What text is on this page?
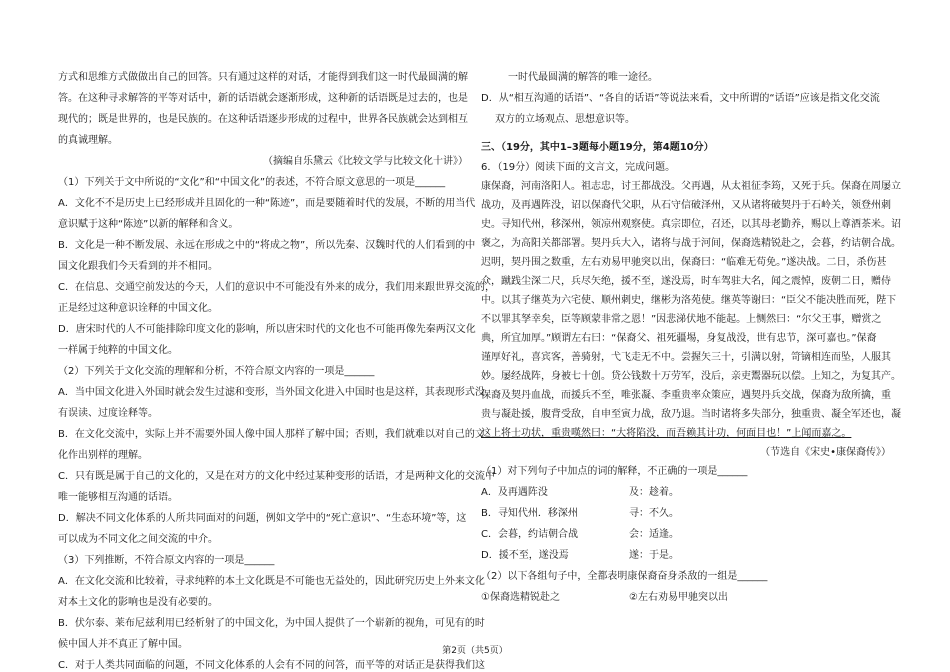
方式和思维方式做做出自己的回答。只有通过这样的对话，才能得到我们这一时代最圆满的解
答。在这种寻求解答的平等对话中，新的话语就会逐渐形成，这种新的话语既是过去的，也是
现代的；既是世界的，也是民族的。在这种话语逐步形成的过程中，世界各民族就会达到相互
的真诚理解。
（摘编自乐黛云《比较文学与比较文化十讲》）
（1）下列关于文中所说的“文化”和“中国文化”的表述，不符合原文意思的一项是______
A．文化不不是历史上已经形成并且固化的一种“陈迹”，而是要随着时代的发展，不断的用当代
意识赋于这种“陈迹”以新的解释和含义。
B．文化是一种不断发展、永远在形成之中的“将成之物”，所以先秦、汉魏时代的人们看到的中
国文化跟我们今天看到的并不相同。
C．在信息、交通空前发达的今天，人们的意识中不可能没有外来的成分，我们用来跟世界交流的，
正是经过这种意识诠释的中国文化。
D．唐宋时代的人不可能排除印度文化的影响，所以唐宋时代的文化也不可能再像先秦两汉文化
一样属于纯粹的中国文化。
（2）下列关于文化交流的理解和分析，不符合原文内容的一项是______
A．当中国文化进入外国时就会发生过滤和变形，当外国文化进入中国时也是这样，其表现形式没
有误读、过度诠释等。
B．在文化交流中，实际上并不需要外国人像中国人那样了解中国；否则，我们就难以对自己的文
化作出别样的理解。
C．只有既是属于自己的文化的，又是在对方的文化中经过某种变形的话语，才是两种文化的交流中
唯一能够相互沟通的话语。
D．解决不同文化体系的人所共同面对的问题，例如文学中的“死亡意识”、“生态环境”等，这
可以成为不同文化之间交流的中介。
（3）下列推断，不符合原文内容的一项是______
A．在文化交流和比较着，寻求纯粹的本土文化既是不可能也无益处的，因此研究历史上外来文化
对本土文化的影响也是没有必要的。
B．伏尔泰、莱布尼兹利用已经析射了的中国文化，为中国人提供了一个崭新的视角，可见有的时
候中国人并不真正了解中国。
C．对于人类共同面临的问题，不同文化体系的人会有不同的问答，而平等的对话正是获得我们这
一时代最圆满的解答的唯一途径。
D．从“相互沟通的话语”、“各自的话语”等说法来看，文中所谓的“话语”应该是指文化交流
双方的立场观点、思想意识等。
三、（19分，其中1–3题每小题19分，第4题10分）
6．（19分）阅读下面的文言文，完成问题。
康保裔，河南洛阳人。祖志忠，讨王都战没。父再遇，从太祖征李筠，又死于兵。保裔在周屡立
战功，及再遇阵没，诏以保裔代父职，从石守信破泽州，又从诸将破契丹于石岭关，领登州刺
史。寻知代州，移深州，领凉州观察使。真宗即位，召还，以其母老勤养，赐以上尊酒茶米。诏
褒之，为高阳关都部署。契丹兵大入，诸将与战于河间，保裔选精锐赴之，会暮，约诘朝合战。
迟明，契丹围之数重，左右劝易甲驰突以出，保裔曰：“临难无苟免。”遂决战。二日，杀伤甚
众，蹴践尘深二尺，兵尽矢绝，援不至，遂没焉，时车驾驻大名，闻之震悼，废朝二日，赠侍
中。以其子继英为六宅使、顺州刺史，继彬为洛苑使。继英等谢曰：“臣父不能决胜而死，陛下
不以罪其孥幸矣，臣等顾蒙非常之恩！”因悲涕伏地不能起。上恻然曰：“尔父王事，赠赏之
典，所宜加厚。”顾谓左右曰：“保裔父、祖死疆埸，身复战没，世有忠节，深可嘉也。”保裔
谨厚好礼，喜宾客，善骑射，弋飞走无不中。尝握矢三十，引满以射，笴镝相连而坠，人服其
妙。屡经战阵，身被七十创。贷公钱数十万劳军，没后，亲吏鬻器玩以偿。上知之，为复其产。
保裔及契丹血战，而援兵不至，唯张凝、李重贵率众策应，遇契丹兵交战，保裔为敌所擒，重
贵与凝赴援，腹背受敌，自申至寅力战，敌乃退。当时诸将多失部分，独重贵、凝全军还也，凝
这上将士功状，重贵嘆然曰：“大将陷没，而吾赖其计功，何面目也！”上闻而嘉之。
（节选自《宋史•康保裔传》）
（1）对下列句子中加点的词的解释，不正确的一项是______
A．及再遇阵没	及：趁着。
B．寻知代州．移深州	寻：不久。
C．会暮，约诘朝合战	会：适逢。
D．援不至，遂没焉	遂：于是。
（2）以下各组句子中，全都表明康保裔奋身杀敌的一组是______
①保裔选精锐赴之	②左右劝易甲驰突以出
第2页（共5页）
